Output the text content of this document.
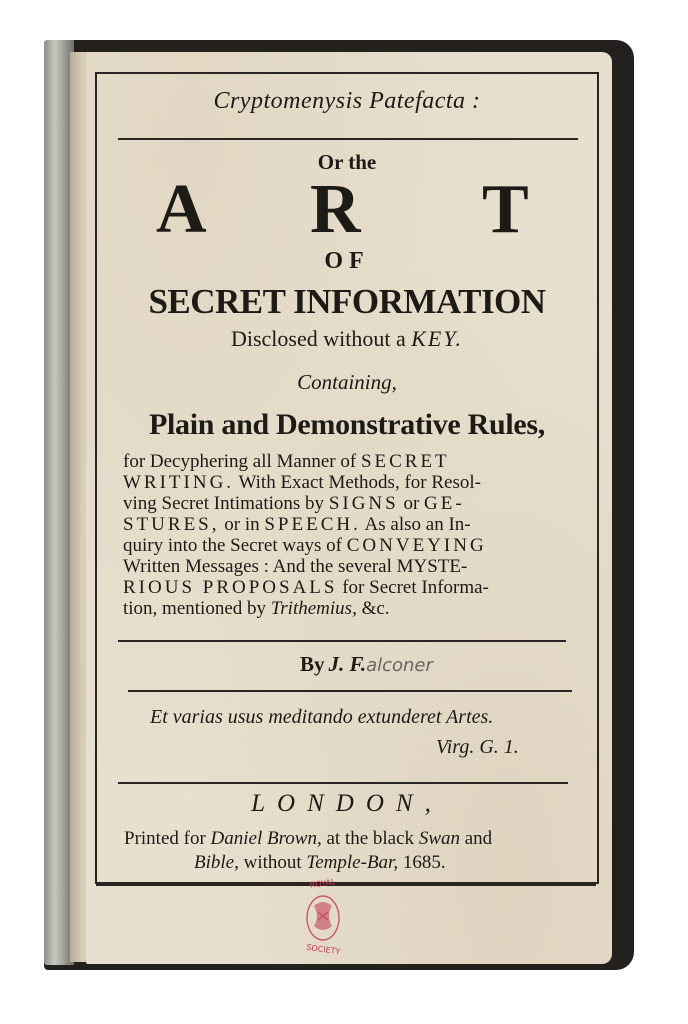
Cryptomenysis Patefacta :
Or the
A R T
OF
SECRET INFORMATION
Disclosed without a KEY.
Containing,
Plain and Demonstrative Rules,
for Decyphering all Manner of SECRET
WRITING. With Exact Methods, for Resol-
ving Secret Intimations by SIGNS or GE-
STURES, or in SPEECH. As also an In-
quiry into the Secret ways of CONVEYING
Written Messages : And the several MYSTE-
RIOUS PROPOSALS for Secret Informa-
tion, mentioned by Trithemius, &c.
By J. F.alconer
Et varias usus meditando extunderet Artes.
Virg. G. 1.
LONDON,
Printed for Daniel Brown, at the black Swan and
Bible, without Temple-Bar, 1685.
ROYAL
SOCIETY
